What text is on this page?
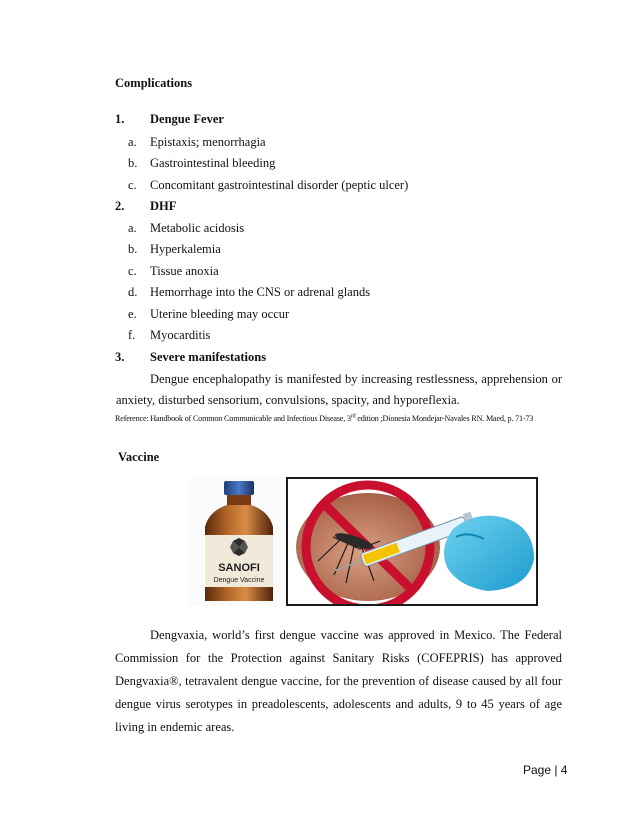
Complications
1. Dengue Fever
a. Epistaxis; menorrhagia
b. Gastrointestinal bleeding
c. Concomitant gastrointestinal disorder (peptic ulcer)
2. DHF
a. Metabolic acidosis
b. Hyperkalemia
c. Tissue anoxia
d. Hemorrhage into the CNS or adrenal glands
e. Uterine bleeding may occur
f. Myocarditis
3. Severe manifestations
Dengue encephalopathy is manifested by increasing restlessness, apprehension or
anxiety, disturbed sensorium, convulsions, spacity, and hyporeflexia.
Reference: Handbook of Common Communicable and Infectious Disease, 3rd edition ;Dionesia Mondejar-Navales RN. Maed, p. 71-73
Vaccine
SANOFI
Dengue Vaccine
Dengvaxia, world’s first dengue vaccine was approved in Mexico. The Federal
Commission for the Protection against Sanitary Risks (COFEPRIS) has approved
Dengvaxia®, tetravalent dengue vaccine, for the prevention of disease caused by all four
dengue virus serotypes in preadolescents, adolescents and adults, 9 to 45 years of age
living in endemic areas.
Page | 4
